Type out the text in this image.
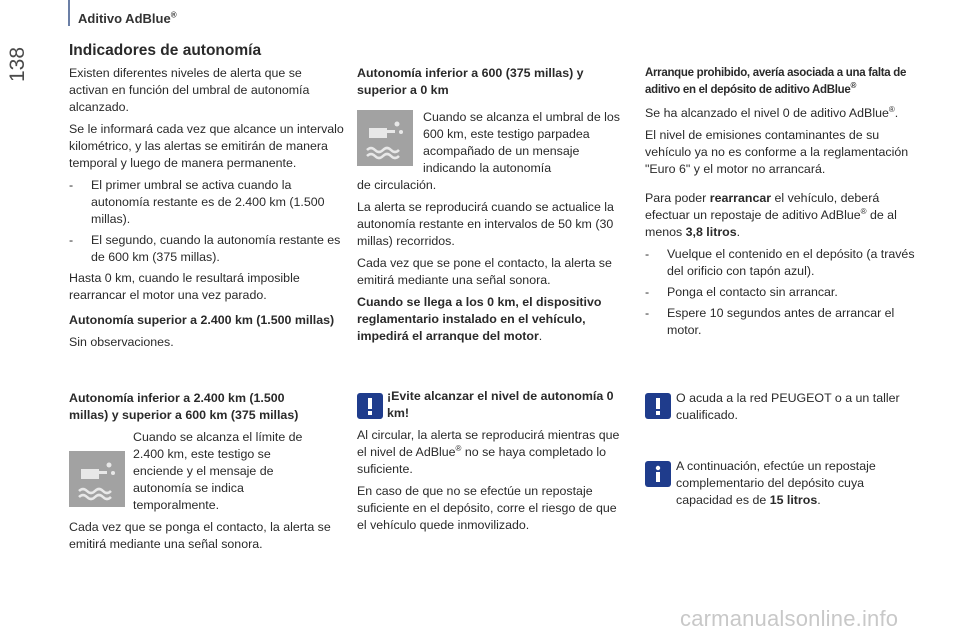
Aditivo AdBlue®
138	Indicadores de autonomía

Existen diferentes niveles de alerta que se activan en función del umbral de autonomía alcanzado.

Se le informará cada vez que alcance un intervalo kilométrico, y las alertas se emitirán de manera temporal y luego de manera permanente.

-	El primer umbral se activa cuando la autonomía restante es de 2.400 km (1.500 millas).
-	El segundo, cuando la autonomía restante es de 600 km (375 millas).

Hasta 0 km, cuando le resultará imposible rearrancar el motor una vez parado.

Autonomía superior a 2.400 km (1.500 millas)

Sin observaciones.

Autonomía inferior a 2.400 km (1.500 millas) y superior a 600 km (375 millas)

Cuando se alcanza el límite de 2.400 km, este testigo se enciende y el mensaje de autonomía se indica temporalmente.

Cada vez que se ponga el contacto, la alerta se emitirá mediante una señal sonora.

Autonomía inferior a 600 (375 millas) y superior a 0 km

Cuando se alcanza el umbral de los 600 km, este testigo parpadea acompañado de un mensaje indicando la autonomía

de circulación.

La alerta se reproducirá cuando se actualice la autonomía restante en intervalos de 50 km (30 millas) recorridos.

Cada vez que se pone el contacto, la alerta se emitirá mediante una señal sonora.

Cuando se llega a los 0 km, el dispositivo reglamentario instalado en el vehículo, impedirá el arranque del motor.

¡Evite alcanzar el nivel de autonomía 0 km!

Al circular, la alerta se reproducirá mientras que el nivel de AdBlue® no se haya completado lo suficiente.

En caso de que no se efectúe un repostaje suficiente en el depósito, corre el riesgo de que el vehículo quede inmovilizado.

Arranque prohibido, avería asociada a una falta de aditivo en el depósito de aditivo AdBlue®

Se ha alcanzado el nivel 0 de aditivo AdBlue®.

El nivel de emisiones contaminantes de su vehículo ya no es conforme a la reglamentación "Euro 6" y el motor no arrancará.

Para poder rearrancar el vehículo, deberá efectuar un repostaje de aditivo AdBlue® de al menos 3,8 litros.

-	Vuelque el contenido en el depósito (a través del orificio con tapón azul).
-	Ponga el contacto sin arrancar.
-	Espere 10 segundos antes de arrancar el motor.
O acuda a la red PEUGEOT o a un taller cualificado.
A continuación, efectúe un repostaje complementario del depósito cuya capacidad es de 15 litros.
carmanualsonline.info
